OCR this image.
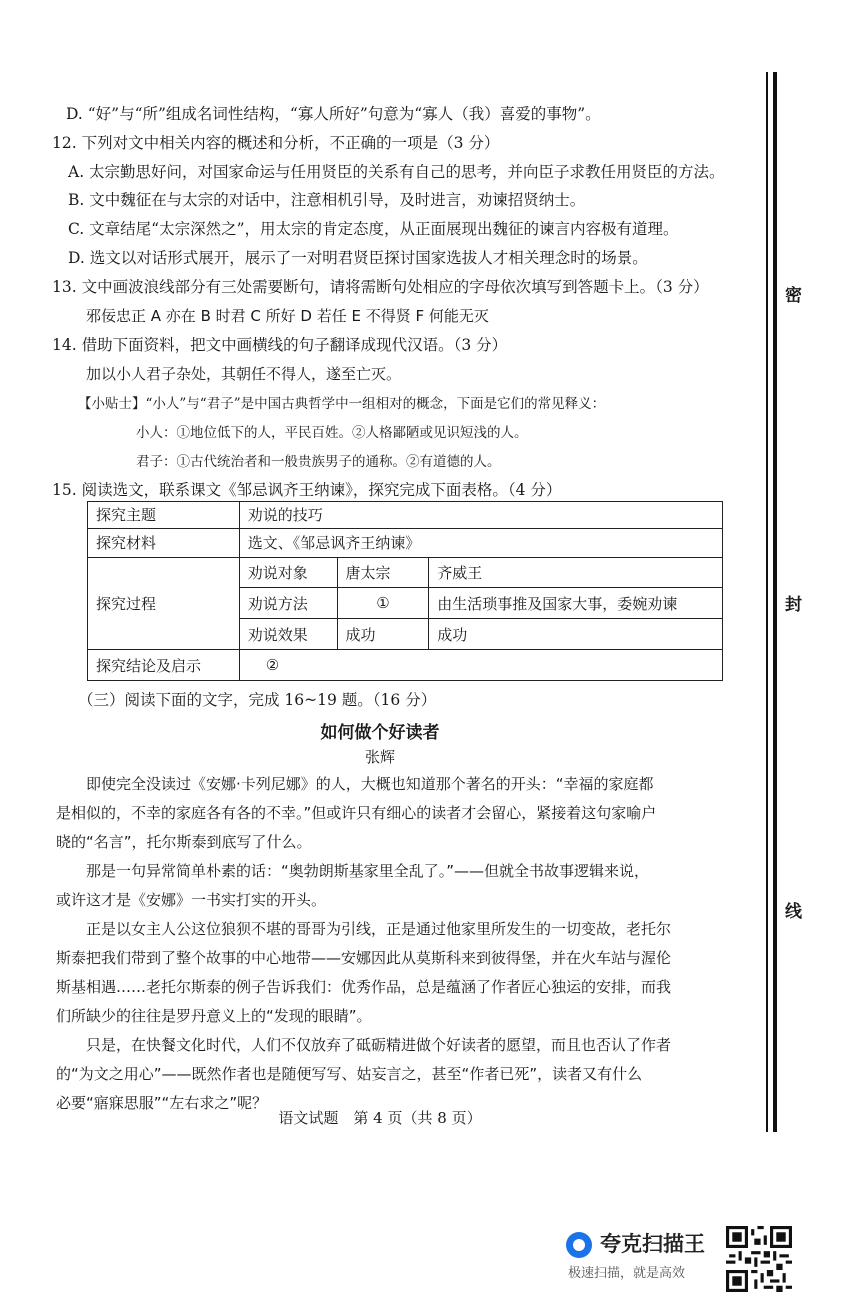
D. “好”与“所”组成名词性结构，“寡人所好”句意为“寡人（我）喜爱的事物”。
12. 下列对文中相关内容的概述和分析，不正确的一项是（3 分）
A. 太宗勤思好问，对国家命运与任用贤臣的关系有自己的思考，并向臣子求教任用贤臣的方法。
B. 文中魏征在与太宗的对话中，注意相机引导，及时进言，劝谏招贤纳士。
C. 文章结尾“太宗深然之”，用太宗的肯定态度，从正面展现出魏征的谏言内容极有道理。
D. 选文以对话形式展开，展示了一对明君贤臣探讨国家选拔人才相关理念时的场景。
13. 文中画波浪线部分有三处需要断句，请将需断句处相应的字母依次填写到答题卡上。（3 分）
邪佞忠正 A 亦在 B 时君 C 所好 D 若任 E 不得贤 F 何能无灭
14. 借助下面资料，把文中画横线的句子翻译成现代汉语。（3 分）
加以小人君子杂处，其朝任不得人，遂至亡灭。
【小贴士】“小人”与“君子”是中国古典哲学中一组相对的概念，下面是它们的常见释义：
小人：①地位低下的人，平民百姓。②人格鄙陋或见识短浅的人。
君子：①古代统治者和一般贵族男子的通称。②有道德的人。
15. 阅读选文，联系课文《邹忌讽齐王纳谏》，探究完成下面表格。（4 分）
探究主题	劝说的技巧		
探究材料	选文、《邹忌讽齐王纳谏》		
探究过程	劝说对象	唐太宗	齐威王
	劝说方法	①	由生活琐事推及国家大事，委婉劝谏
	劝说效果	成功	成功
探究结论及启示	②		
（三）阅读下面的文字，完成 16~19 题。（16 分）
如何做个好读者
张辉
即使完全没读过《安娜·卡列尼娜》的人，大概也知道那个著名的开头：“幸福的家庭都
是相似的，不幸的家庭各有各的不幸。”但或许只有细心的读者才会留心，紧接着这句家喻户
晓的“名言”，托尔斯泰到底写了什么。
那是一句异常简单朴素的话：“奥勃朗斯基家里全乱了。”——但就全书故事逻辑来说，
或许这才是《安娜》一书实打实的开头。
正是以女主人公这位狼狈不堪的哥哥为引线，正是通过他家里所发生的一切变故，老托尔
斯泰把我们带到了整个故事的中心地带——安娜因此从莫斯科来到彼得堡，并在火车站与渥伦
斯基相遇……老托尔斯泰的例子告诉我们：优秀作品，总是蕴涵了作者匠心独运的安排，而我
们所缺少的往往是罗丹意义上的“发现的眼睛”。
只是，在快餐文化时代，人们不仅放弃了砥砺精进做个好读者的愿望，而且也否认了作者
的“为文之用心”——既然作者也是随便写写、姑妄言之，甚至“作者已死”，读者又有什么
必要“寤寐思服”“左右求之”呢？
语文试题　第 4 页（共 8 页）
密
封
线
夸克扫描王
极速扫描，就是高效
